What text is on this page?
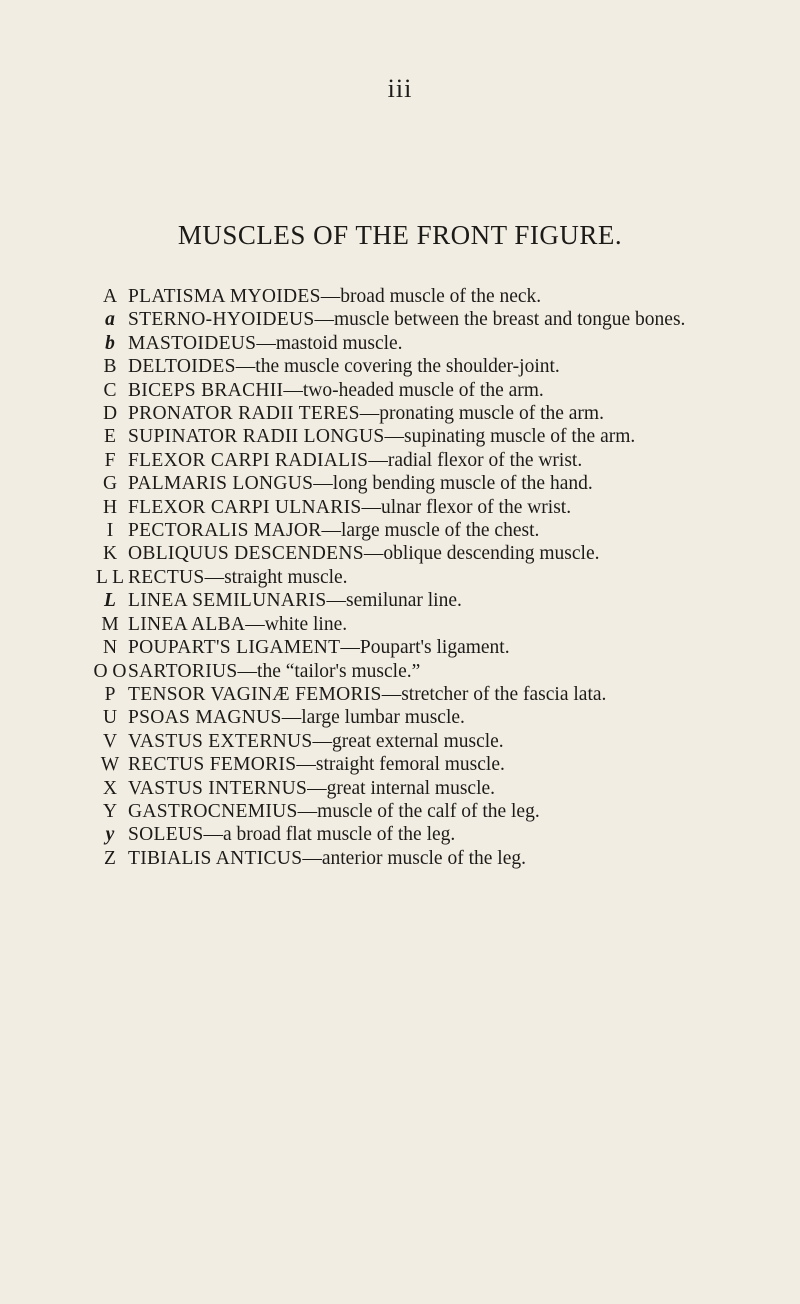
iii
MUSCLES OF THE FRONT FIGURE.
A PLATISMA MYOIDES—broad muscle of the neck.
a STERNO-HYOIDEUS—muscle between the breast and tongue bones.
b MASTOIDEUS—mastoid muscle.
B DELTOIDES—the muscle covering the shoulder-joint.
C BICEPS BRACHII—two-headed muscle of the arm.
D PRONATOR RADII TERES—pronating muscle of the arm.
E SUPINATOR RADII LONGUS—supinating muscle of the arm.
F FLEXOR CARPI RADIALIS—radial flexor of the wrist.
G PALMARIS LONGUS—long bending muscle of the hand.
H FLEXOR CARPI ULNARIS—ulnar flexor of the wrist.
I PECTORALIS MAJOR—large muscle of the chest.
K OBLIQUUS DESCENDENS—oblique descending muscle.
L L RECTUS—straight muscle.
L LINEA SEMILUNARIS—semilunar line.
M LINEA ALBA—white line.
N POUPART'S LIGAMENT—Poupart's ligament.
O O SARTORIUS—the “tailor's muscle.”
P TENSOR VAGINÆ FEMORIS—stretcher of the fascia lata.
U PSOAS MAGNUS—large lumbar muscle.
V VASTUS EXTERNUS—great external muscle.
W RECTUS FEMORIS—straight femoral muscle.
X VASTUS INTERNUS—great internal muscle.
Y GASTROCNEMIUS—muscle of the calf of the leg.
y SOLEUS—a broad flat muscle of the leg.
Z TIBIALIS ANTICUS—anterior muscle of the leg.
